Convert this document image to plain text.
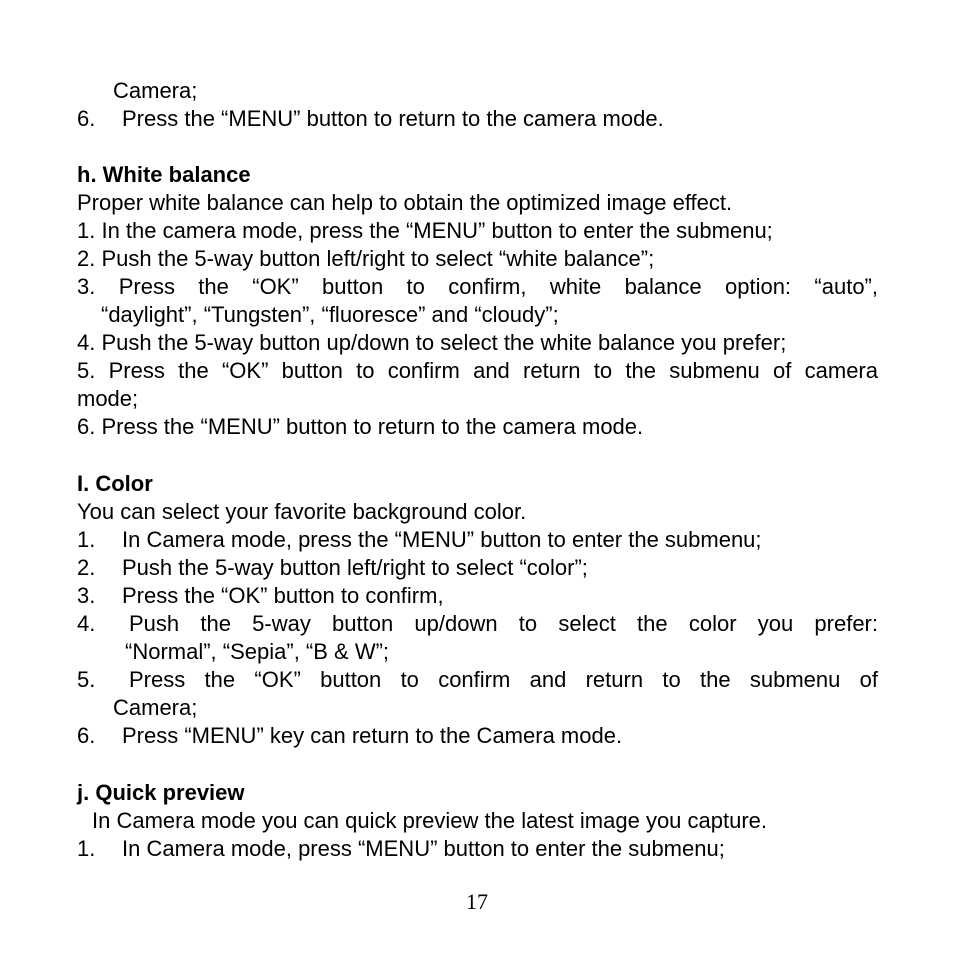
Camera;
6. Press the “MENU” button to return to the camera mode.
h. White balance
Proper white balance can help to obtain the optimized image effect.
1. In the camera mode, press the “MENU” button to enter the submenu;
2. Push the 5-way button left/right to select “white balance”;
3. Press the “OK” button to confirm, white balance option: “auto”,
“daylight”, “Tungsten”, “fluoresce” and “cloudy”;
4. Push the 5-way button up/down to select the white balance you prefer;
5. Press the “OK” button to confirm and return to the submenu of camera
mode;
6. Press the “MENU” button to return to the camera mode.
I. Color
You can select your favorite background color.
1. In Camera mode, press the “MENU” button to enter the submenu;
2. Push the 5-way button left/right to select “color”;
3. Press the “OK” button to confirm,
4. Push the 5-way button up/down to select the color you prefer:
“Normal”, “Sepia”, “B & W”;
5. Press the “OK” button to confirm and return to the submenu of
Camera;
6. Press “MENU” key can return to the Camera mode.
j. Quick preview
In Camera mode you can quick preview the latest image you capture.
1. In Camera mode, press “MENU” button to enter the submenu;
17
